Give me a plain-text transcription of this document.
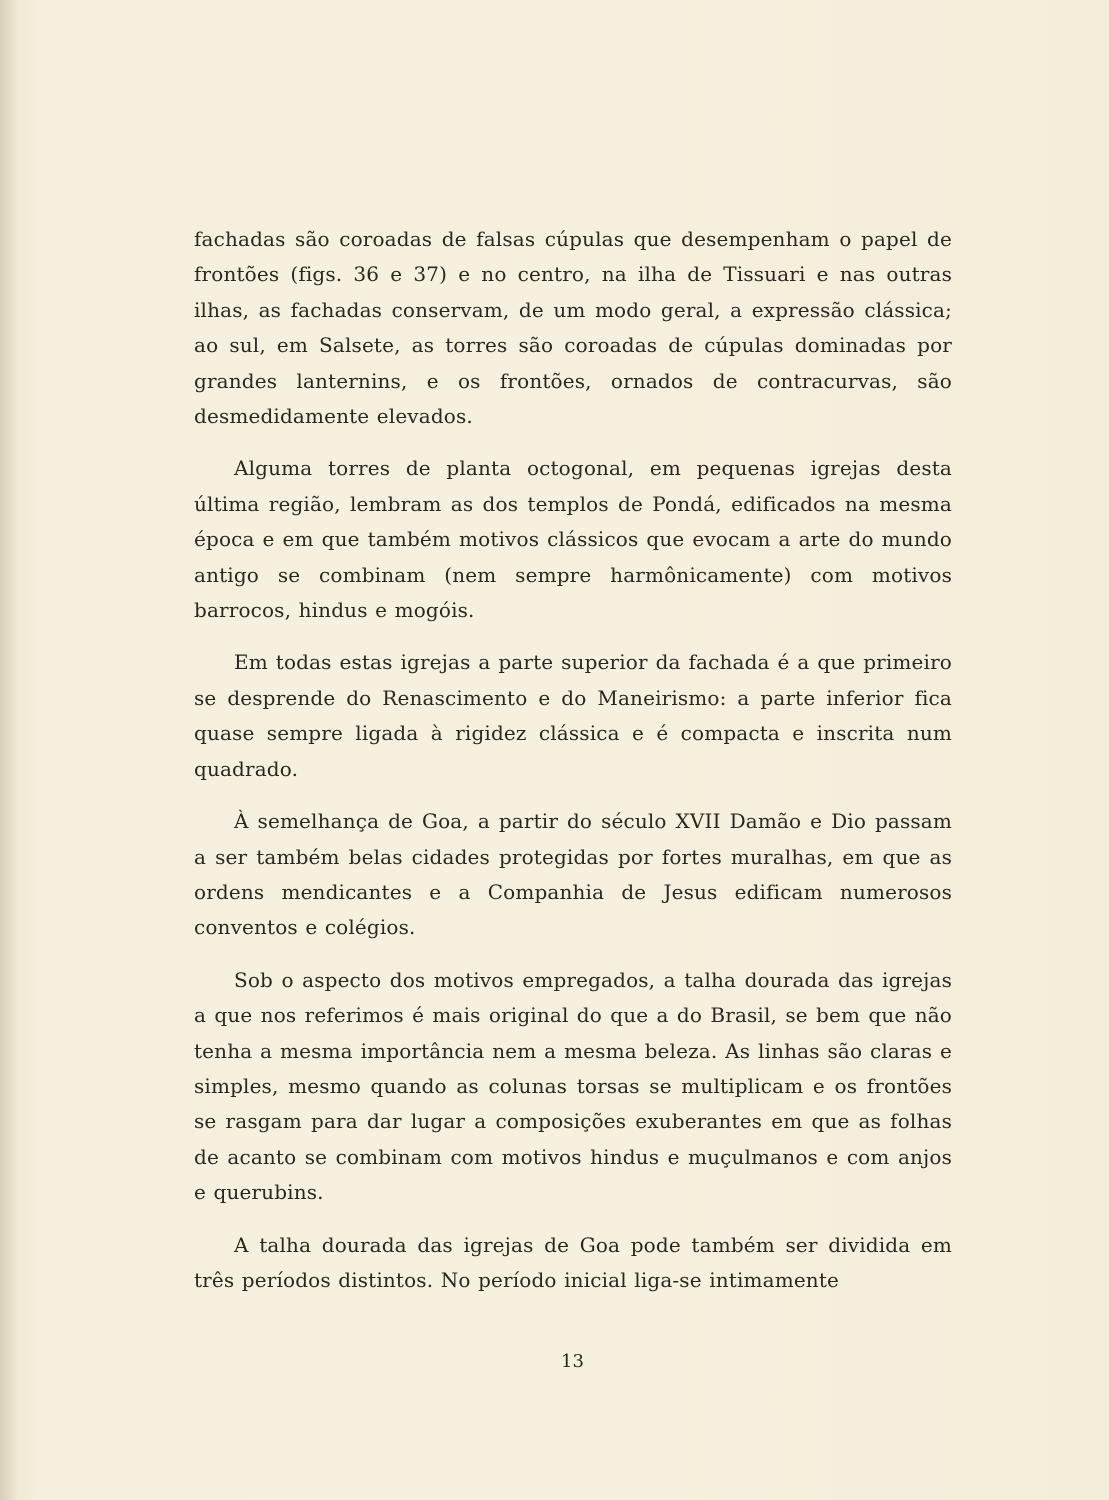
fachadas são coroadas de falsas cúpulas que desempenham o papel de frontões (figs. 36 e 37) e no centro, na ilha de Tissuari e nas outras ilhas, as fachadas conservam, de um modo geral, a expressão clássica; ao sul, em Salsete, as torres são coroadas de cúpulas dominadas por grandes lanternins, e os frontões, ornados de contracurvas, são desmedidamente elevados.

Alguma torres de planta octogonal, em pequenas igrejas desta última região, lembram as dos templos de Pondá, edificados na mesma época e em que também motivos clássicos que evocam a arte do mundo antigo se combinam (nem sempre harmônicamente) com motivos barrocos, hindus e mogóis.

Em todas estas igrejas a parte superior da fachada é a que primeiro se desprende do Renascimento e do Maneirismo: a parte inferior fica quase sempre ligada à rigidez clássica e é compacta e inscrita num quadrado.

À semelhança de Goa, a partir do século XVII Damão e Dio passam a ser também belas cidades protegidas por fortes muralhas, em que as ordens mendicantes e a Companhia de Jesus edificam numerosos conventos e colégios.

Sob o aspecto dos motivos empregados, a talha dourada das igrejas a que nos referimos é mais original do que a do Brasil, se bem que não tenha a mesma importância nem a mesma beleza. As linhas são claras e simples, mesmo quando as colunas torsas se multiplicam e os frontões se rasgam para dar lugar a composições exuberantes em que as folhas de acanto se combinam com motivos hindus e muçulmanos e com anjos e querubins.

A talha dourada das igrejas de Goa pode também ser dividida em três períodos distintos. No período inicial liga-se intimamente

13
